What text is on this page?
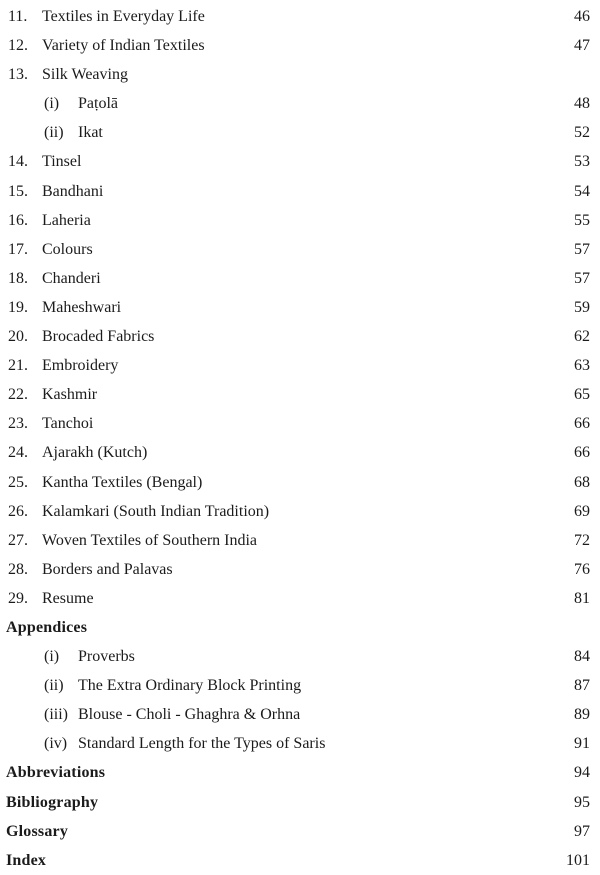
11. Textiles in Everyday Life	46
12. Variety of Indian Textiles	47
13. Silk Weaving
(i)	Paṭolā	48
(ii) Ikat	52
14. Tinsel	53
15. Bandhani	54
16. Laheria	55
17. Colours	57
18. Chanderi	57
19. Maheshwari	59
20. Brocaded Fabrics	62
21. Embroidery	63
22. Kashmir	65
23. Tanchoi	66
24. Ajarakh (Kutch)	66
25. Kantha Textiles (Bengal)	68
26. Kalamkari (South Indian Tradition)	69
27. Woven Textiles of Southern India	72
28. Borders and Palavas	76
29. Resume	81
Appendices
(i)	Proverbs	84
(ii) The Extra Ordinary Block Printing	87
(iii) Blouse - Choli - Ghaghra & Orhna	89
(iv) Standard Length for the Types of Saris	91
Abbreviations	94
Bibliography	95
Glossary	97
Index	101
